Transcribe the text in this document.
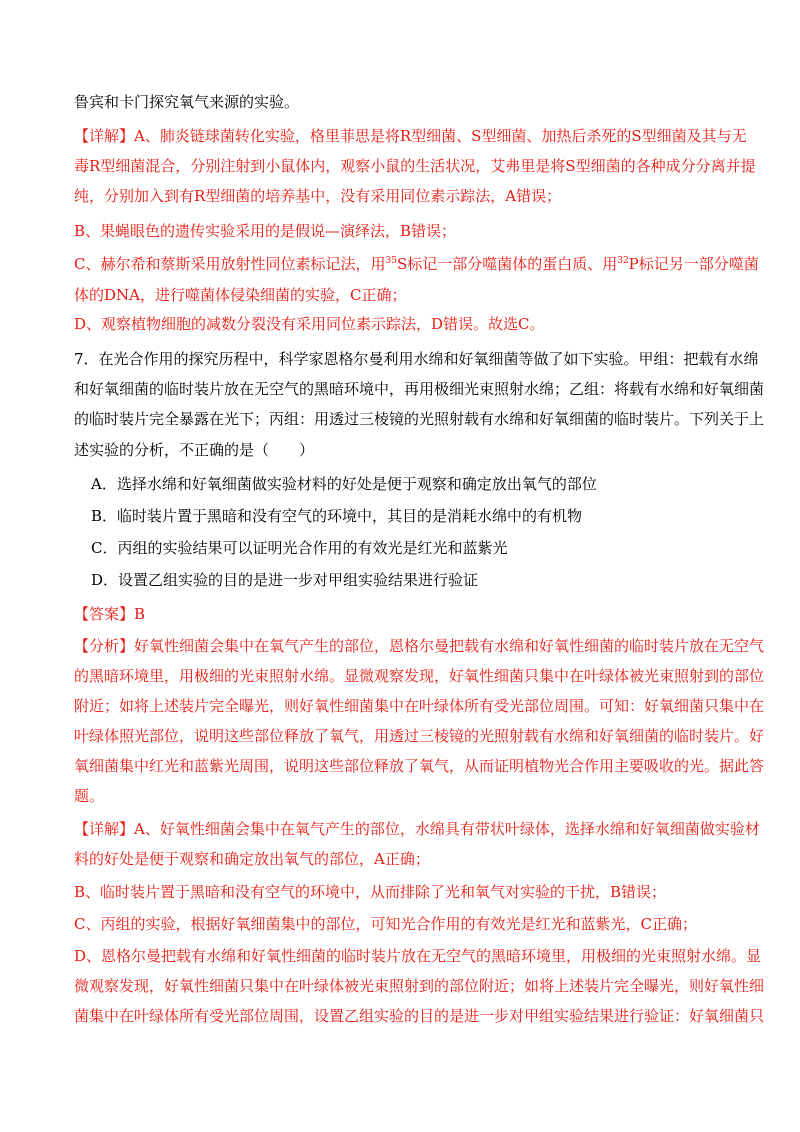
鲁宾和卡门探究氧气来源的实验。
【详解】A、肺炎链球菌转化实验，格里菲思是将R型细菌、S型细菌、加热后杀死的S型细菌及其与无
毒R型细菌混合，分别注射到小鼠体内，观察小鼠的生活状况，艾弗里是将S型细菌的各种成分分离并提
纯，分别加入到有R型细菌的培养基中，没有采用同位素示踪法，A错误；
B、果蝇眼色的遗传实验采用的是假说—演绎法，B错误；
C、赫尔希和蔡斯采用放射性同位素标记法，用$^{35}$S标记一部分噬菌体的蛋白质、用$^{32}$P标记另一部分噬菌
体的DNA，进行噬菌体侵染细菌的实验，C正确；
D、观察植物细胞的减数分裂没有采用同位素示踪法，D错误。故选C。
7．在光合作用的探究历程中，科学家恩格尔曼利用水绵和好氧细菌等做了如下实验。甲组：把载有水绵
和好氧细菌的临时装片放在无空气的黑暗环境中，再用极细光束照射水绵；乙组：将载有水绵和好氧细菌
的临时装片完全暴露在光下；丙组：用透过三棱镜的光照射载有水绵和好氧细菌的临时装片。下列关于上
述实验的分析，不正确的是（　　）
A．选择水绵和好氧细菌做实验材料的好处是便于观察和确定放出氧气的部位
B．临时装片置于黑暗和没有空气的环境中，其目的是消耗水绵中的有机物
C．丙组的实验结果可以证明光合作用的有效光是红光和蓝紫光
D．设置乙组实验的目的是进一步对甲组实验结果进行验证
【答案】B
【分析】好氧性细菌会集中在氧气产生的部位，恩格尔曼把载有水绵和好氧性细菌的临时装片放在无空气
的黑暗环境里，用极细的光束照射水绵。显微观察发现，好氧性细菌只集中在叶绿体被光束照射到的部位
附近；如将上述装片完全曝光，则好氧性细菌集中在叶绿体所有受光部位周围。可知：好氧细菌只集中在
叶绿体照光部位，说明这些部位释放了氧气，用透过三棱镜的光照射载有水绵和好氧细菌的临时装片。好
氧细菌集中红光和蓝紫光周围，说明这些部位释放了氧气，从而证明植物光合作用主要吸收的光。据此答
题。
【详解】A、好氧性细菌会集中在氧气产生的部位，水绵具有带状叶绿体，选择水绵和好氧细菌做实验材
料的好处是便于观察和确定放出氧气的部位，A正确；
B、临时装片置于黑暗和没有空气的环境中，从而排除了光和氧气对实验的干扰，B错误；
C、丙组的实验，根据好氧细菌集中的部位，可知光合作用的有效光是红光和蓝紫光，C正确；
D、恩格尔曼把载有水绵和好氧性细菌的临时装片放在无空气的黑暗环境里，用极细的光束照射水绵。显
微观察发现，好氧性细菌只集中在叶绿体被光束照射到的部位附近；如将上述装片完全曝光，则好氧性细
菌集中在叶绿体所有受光部位周围，设置乙组实验的目的是进一步对甲组实验结果进行验证：好氧细菌只
